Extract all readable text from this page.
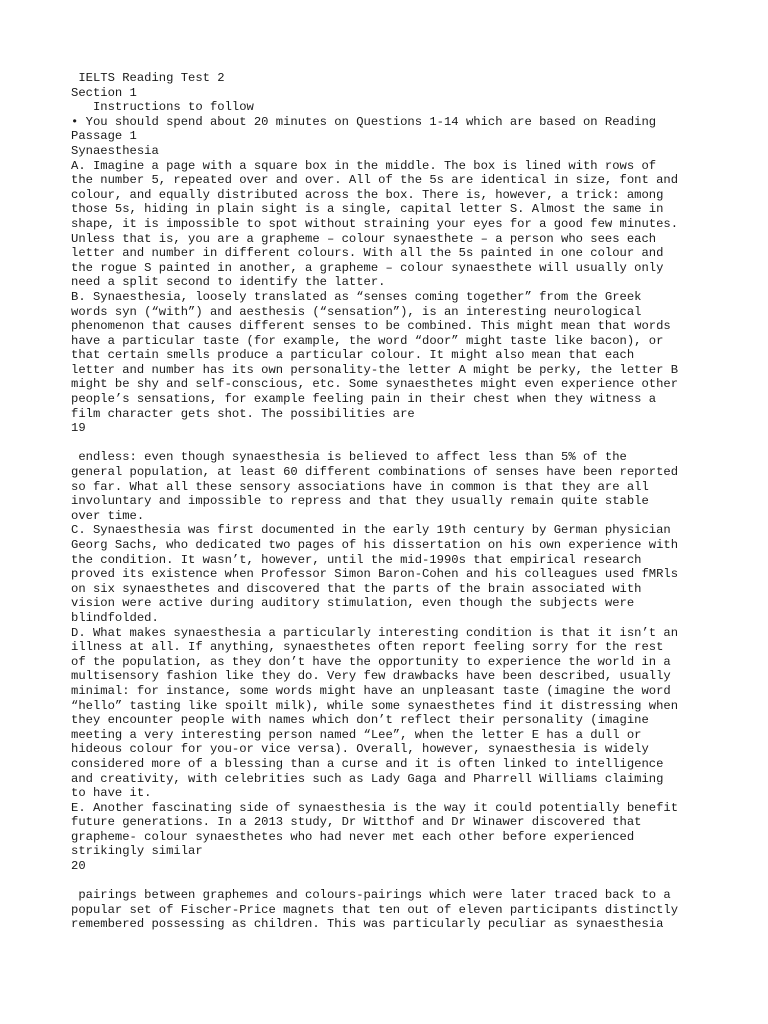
IELTS Reading Test 2
Section 1
Instructions to follow
• You should spend about 20 minutes on Questions 1-14 which are based on Reading
Passage 1
Synaesthesia
A. Imagine a page with a square box in the middle. The box is lined with rows of
the number 5, repeated over and over. All of the 5s are identical in size, font and
colour, and equally distributed across the box. There is, however, a trick: among
those 5s, hiding in plain sight is a single, capital letter S. Almost the same in
shape, it is impossible to spot without straining your eyes for a good few minutes.
Unless that is, you are a grapheme – colour synaesthete – a person who sees each
letter and number in different colours. With all the 5s painted in one colour and
the rogue S painted in another, a grapheme – colour synaesthete will usually only
need a split second to identify the latter.
B. Synaesthesia, loosely translated as “senses coming together” from the Greek
words syn (“with”) and aesthesis (“sensation”), is an interesting neurological
phenomenon that causes different senses to be combined. This might mean that words
have a particular taste (for example, the word “door” might taste like bacon), or
that certain smells produce a particular colour. It might also mean that each
letter and number has its own personality-the letter A might be perky, the letter B
might be shy and self-conscious, etc. Some synaesthetes might even experience other
people’s sensations, for example feeling pain in their chest when they witness a
film character gets shot. The possibilities are
19
endless: even though synaesthesia is believed to affect less than 5% of the
general population, at least 60 different combinations of senses have been reported
so far. What all these sensory associations have in common is that they are all
involuntary and impossible to repress and that they usually remain quite stable
over time.
C. Synaesthesia was first documented in the early 19th century by German physician
Georg Sachs, who dedicated two pages of his dissertation on his own experience with
the condition. It wasn’t, however, until the mid-1990s that empirical research
proved its existence when Professor Simon Baron-Cohen and his colleagues used fMRls
on six synaesthetes and discovered that the parts of the brain associated with
vision were active during auditory stimulation, even though the subjects were
blindfolded.
D. What makes synaesthesia a particularly interesting condition is that it isn’t an
illness at all. If anything, synaesthetes often report feeling sorry for the rest
of the population, as they don’t have the opportunity to experience the world in a
multisensory fashion like they do. Very few drawbacks have been described, usually
minimal: for instance, some words might have an unpleasant taste (imagine the word
“hello” tasting like spoilt milk), while some synaesthetes find it distressing when
they encounter people with names which don’t reflect their personality (imagine
meeting a very interesting person named “Lee”, when the letter E has a dull or
hideous colour for you-or vice versa). Overall, however, synaesthesia is widely
considered more of a blessing than a curse and it is often linked to intelligence
and creativity, with celebrities such as Lady Gaga and Pharrell Williams claiming
to have it.
E. Another fascinating side of synaesthesia is the way it could potentially benefit
future generations. In a 2013 study, Dr Witthof and Dr Winawer discovered that
grapheme- colour synaesthetes who had never met each other before experienced
strikingly similar
20
pairings between graphemes and colours-pairings which were later traced back to a
popular set of Fischer-Price magnets that ten out of eleven participants distinctly
remembered possessing as children. This was particularly peculiar as synaesthesia
